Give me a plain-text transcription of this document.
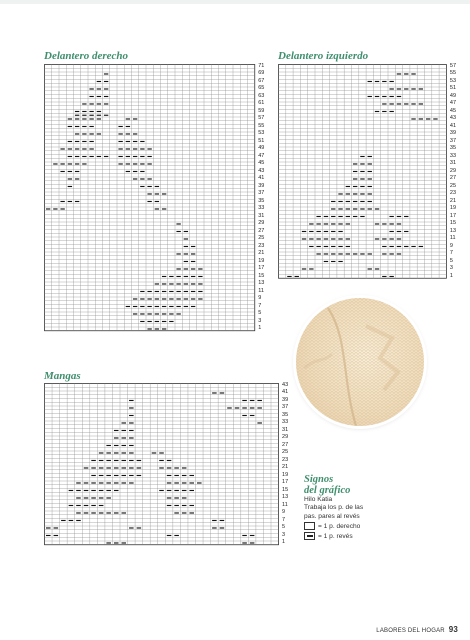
Delantero derecho
71
69
67
65
63
61
59
57
55
53
51
49
47
45
43
41
39
37
35
33
31
29
27
25
23
21
19
17
15
13
11
9
7
5
3
1
Delantero izquierdo
57
55
53
51
49
47
45
43
41
39
37
35
33
31
29
27
25
23
21
19
17
15
13
11
9
7
5
3
1
Mangas
43
41
39
37
35
33
31
29
27
25
23
21
19
17
15
13
11
9
7
5
3
1
Signos
del gráfico
Hilo Katia
Trabaja los p. de las
pas. pares al revés
= 1 p. derecho
= 1 p. revés
LABORES DEL HOGAR 93
